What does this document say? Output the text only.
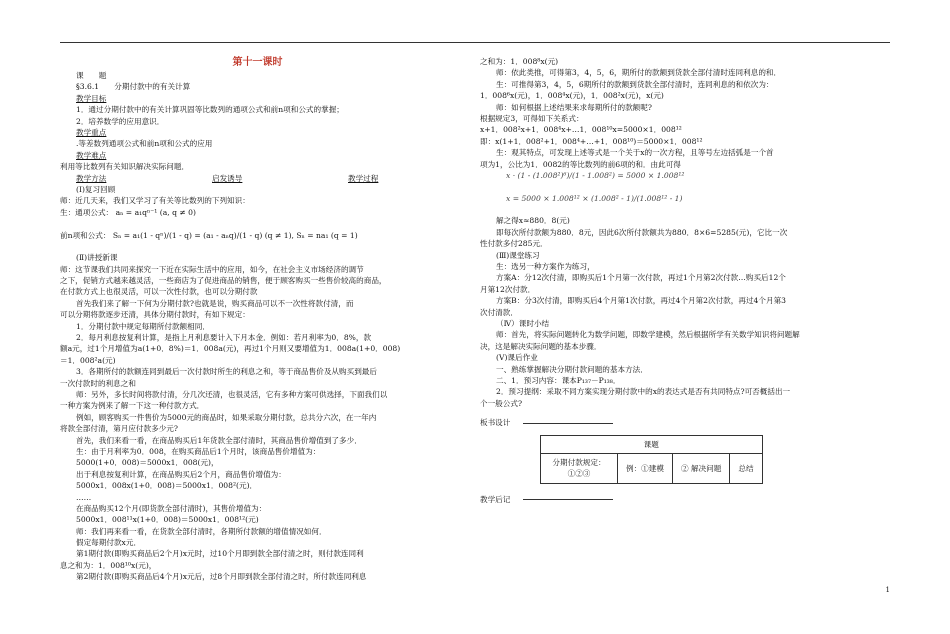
第十一课时
课　　题
§3.6.1　　分期付款中的有关计算
教学目标
1．通过分期付款中的有关计算巩固等比数列的通项公式和前n项和公式的掌握；
2．培养数学的应用意识．
教学重点
.等差数列通项公式和前n项和公式的应用
教学难点
利用等比数列有关知识解决实际问题．
教学方法	启发诱导	教学过程
(Ⅰ)复习回顾
师：近几天来，我们又学习了有关等比数列的下列知识：
生：通项公式： aₙ = a₁qⁿ⁻¹ (a, q ≠ 0)
前n项和公式： Sₙ = a₁(1 - qⁿ)/(1 - q) = (a₁ - aₙq)/(1 - q) (q ≠ 1), Sₙ = na₁ (q = 1)
(Ⅱ)讲授新课
师：这节课我们共同来探究一下近在实际生活中的应用，如今，在社会主义市场经济的调节
之下，促销方式越来越灵活，一些商店为了促进商品的销售，便于顾客购买一些售价较高的商品，
在付款方式上也很灵活，可以一次性付款，也可以分期付款
首先我们来了解一下何为分期付款?也就是说，购买商品可以不一次性将款付清，而
可以分期将款逐步还清，具体分期付款时，有如下规定：
1．分期付款中规定每期所付款额相同．
2．每月利息按复利计算，是指上月利息要计入下月本金．例如：若月利率为0．8%，款
额a元，过1个月增值为a(1+0．8%)＝1．008a(元)，再过1个月则又要增值为1．008a(1+0．008)
＝1．008²a(元)
3．各期所付的款额连同到最后一次付款时所生的利息之和，等于商品售价及从购买到最后
一次付款时的利息之和
师：另外，多长时间将款付清，分几次还清，也很灵活，它有多种方案可供选择，下面我们以
一种方案为例来了解一下这一种付款方式．
例如，顾客购买一件售价为5000元的商品时，如果采取分期付款，总共分六次，在一年内
将款全部付清，第月应付款多少元?
首先，我们来看一看，在商品购买后1年货款全部付清时，其商品售价增值到了多少．
生：由于月利率为0．008，在购买商品后1个月时，该商品售价增值为：
5000(1+0．008)＝5000x1．008(元)，
出于利息按复利计算，在商品购买后2个月，商品售价增值为：
5000x1．008x(1+0．008)＝5000x1．008²(元)．
……
在商品购买12个月(即货款全部付清时)，其售价增值为：
5000x1．008¹¹x(1+0．008)＝5000x1．008¹²(元)
师：我们再来看一看，在货款全部付清时，各期所付款额的增值情况如何．
假定每期付款x元．
第1期付款(即购买商品后2个月)x元时，过10个月即到款全部付清之时，则付款连同利
息之和为：1．008¹⁰x(元)，
第2期付款(即购买商品后4个月)x元后，过8个月即到款全部付清之时，所付款连同利息
之和为：1．008⁸x(元)
师：依此类推，可得第3，4，5，6，期所付的款额到货款全部付清时连同利息的和．
生：可推得第3，4，5，6期所付的款额到货款全部付清时，连同利息的和依次为：
1．008⁶x(元)，1．008⁴x(元)，1．008²x(元)，x(元)
师：如何根据上述结果来求每期所付的款额呢?
根据规定3，可得如下关系式：
x+1．008²x+1．008⁴x+…1．008¹⁰x=5000×1．008¹²
即：x(1+1．008²+1．008⁴+…+1．008¹⁰)＝5000×1．008¹²
生：观其特点，可发现上述等式是一个关于x的一次方程，且等号左边括弧是一个首
项为1，公比为1．0082的等比数列的前6项的和．由此可得
x · (1 - (1.008²)⁶)/(1 - 1.008²) = 5000 × 1.008¹²
x = 5000 × 1.008¹² × (1.008² - 1)/(1.008¹² - 1)
解之得x≈880．8(元)
即每次所付款额为880．8元，因此6次所付款额共为880．8×6=5285(元)，它比一次
性付款多付285元．
(Ⅲ)课堂练习
生：选另一种方案作为练习，
方案A：分12次付清，即购买后1个月第一次付款，再过1个月第2次付款…购买后12个
月第12次付款．
方案B：分3次付清，即购买后4个月第1次付款，再过4个月第2次付款，再过4个月第3
次付清款．
（Ⅳ）课时小结
师：首先，将实际问题转化为数学问题，即数学建模，然后根据所学有关数学知识将问题解
决，这是解决实际问题的基本步骤．
(Ⅴ)课后作业
一、熟练掌握解决分期付款问题的基本方法．
二、1．预习内容：课本P₁₃₇－P₁₃₈．
2．预习提纲：采取不同方案实现分期付款中的x的表达式是否有共同特点?可否概括出一
个一般公式?
板书设计
课题
分期付款规定：①②③	例：①建模	② 解决问题	总结
教学后记
1
